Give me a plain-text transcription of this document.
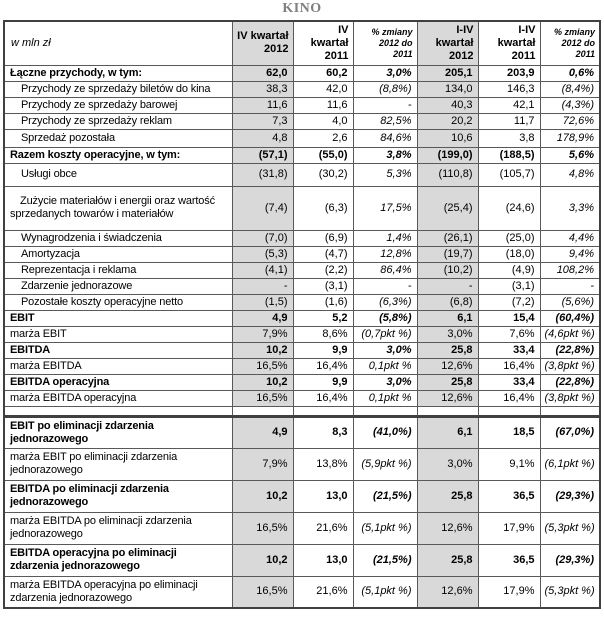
KINO
w mln zł	IV kwartał 2012	IV kwartał 2011	% zmiany 2012 do 2011	I-IV kwartał 2012	I-IV kwartał 2011	% zmiany 2012 do 2011
Łączne przychody, w tym:	62,0	60,2	3,0%	205,1	203,9	0,6%
Przychody ze sprzedaży biletów do kina	38,3	42,0	(8,8%)	134,0	146,3	(8,4%)
Przychody ze sprzedaży barowej	11,6	11,6	-	40,3	42,1	(4,3%)
Przychody ze sprzedaży reklam	7,3	4,0	82,5%	20,2	11,7	72,6%
Sprzedaż pozostała	4,8	2,6	84,6%	10,6	3,8	178,9%
Razem koszty operacyjne, w tym:	(57,1)	(55,0)	3,8%	(199,0)	(188,5)	5,6%
Usługi obce	(31,8)	(30,2)	5,3%	(110,8)	(105,7)	4,8%
Zużycie materiałów i energii oraz wartość sprzedanych towarów i materiałów	(7,4)	(6,3)	17,5%	(25,4)	(24,6)	3,3%
Wynagrodzenia i świadczenia	(7,0)	(6,9)	1,4%	(26,1)	(25,0)	4,4%
Amortyzacja	(5,3)	(4,7)	12,8%	(19,7)	(18,0)	9,4%
Reprezentacja i reklama	(4,1)	(2,2)	86,4%	(10,2)	(4,9)	108,2%
Zdarzenie jednorazowe	-	(3,1)	-	-	(3,1)	-
Pozostałe koszty operacyjne netto	(1,5)	(1,6)	(6,3%)	(6,8)	(7,2)	(5,6%)
EBIT	4,9	5,2	(5,8%)	6,1	15,4	(60,4%)
marża EBIT	7,9%	8,6%	(0,7pkt %)	3,0%	7,6%	(4,6pkt %)
EBITDA	10,2	9,9	3,0%	25,8	33,4	(22,8%)
marża EBITDA	16,5%	16,4%	0,1pkt %	12,6%	16,4%	(3,8pkt %)
EBITDA operacyjna	10,2	9,9	3,0%	25,8	33,4	(22,8%)
marża EBITDA operacyjna	16,5%	16,4%	0,1pkt %	12,6%	16,4%	(3,8pkt %)

EBIT po eliminacji zdarzenia jednorazowego	4,9	8,3	(41,0%)	6,1	18,5	(67,0%)
marża EBIT po eliminacji zdarzenia jednorazowego	7,9%	13,8%	(5,9pkt %)	3,0%	9,1%	(6,1pkt %)
EBITDA po eliminacji zdarzenia jednorazowego	10,2	13,0	(21,5%)	25,8	36,5	(29,3%)
marża EBITDA po eliminacji zdarzenia jednorazowego	16,5%	21,6%	(5,1pkt %)	12,6%	17,9%	(5,3pkt %)
EBITDA operacyjna po eliminacji zdarzenia jednorazowego	10,2	13,0	(21,5%)	25,8	36,5	(29,3%)
marża EBITDA operacyjna po eliminacji zdarzenia jednorazowego	16,5%	21,6%	(5,1pkt %)	12,6%	17,9%	(5,3pkt %)
